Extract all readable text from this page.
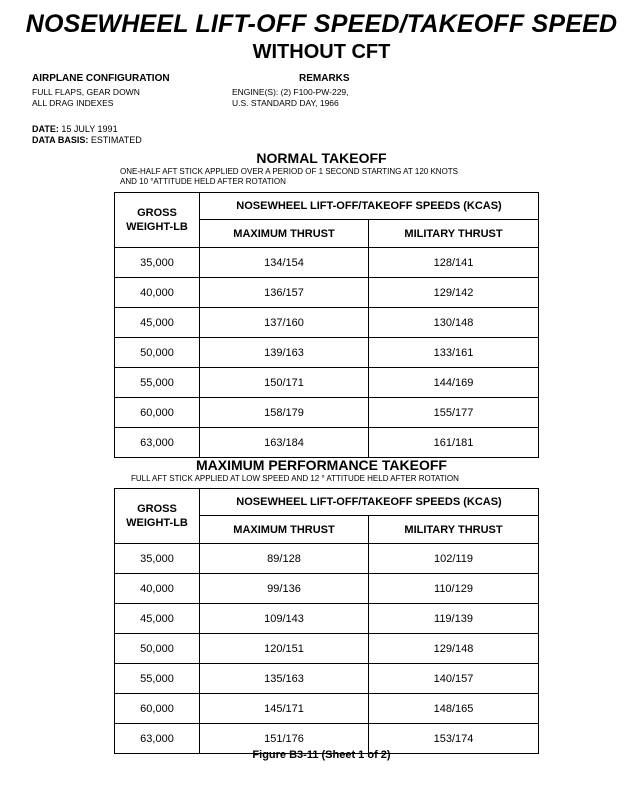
NOSEWHEEL LIFT-OFF SPEED/TAKEOFF SPEED
WITHOUT CFT
AIRPLANE CONFIGURATION
FULL FLAPS, GEAR DOWN
ALL DRAG INDEXES
REMARKS
ENGINE(S): (2) F100-PW-229,
U.S. STANDARD DAY, 1966
DATE: 15 JULY 1991
DATA BASIS: ESTIMATED
NORMAL TAKEOFF
ONE-HALF AFT STICK APPLIED OVER A PERIOD OF 1 SECOND STARTING AT 120 KNOTS
AND 10 °ATTITUDE HELD AFTER ROTATION
GROSS
WEIGHT-LB	NOSEWHEEL LIFT-OFF/TAKEOFF SPEEDS (KCAS)	
	MAXIMUM THRUST	MILITARY THRUST
35,000	134/154	128/141
40,000	136/157	129/142
45,000	137/160	130/148
50,000	139/163	133/161
55,000	150/171	144/169
60,000	158/179	155/177
63,000	163/184	161/181
MAXIMUM PERFORMANCE TAKEOFF
FULL AFT STICK APPLIED AT LOW SPEED AND 12 ° ATTITUDE HELD AFTER ROTATION
GROSS
WEIGHT-LB	NOSEWHEEL LIFT-OFF/TAKEOFF SPEEDS (KCAS)	
	MAXIMUM THRUST	MILITARY THRUST
35,000	89/128	102/119
40,000	99/136	110/129
45,000	109/143	119/139
50,000	120/151	129/148
55,000	135/163	140/157
60,000	145/171	148/165
63,000	151/176	153/174
Figure B3-11 (Sheet 1 of 2)
